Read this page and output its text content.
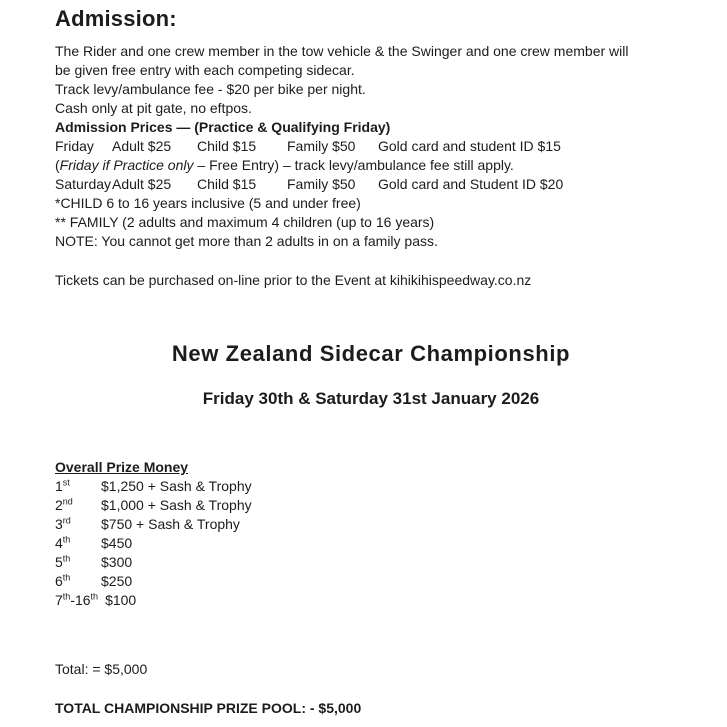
Admission:

The Rider and one crew member in the tow vehicle & the Swinger and one crew member will

be given free entry with each competing sidecar.

Track levy/ambulance fee - $20 per bike per night.

Cash only at pit gate, no eftpos.

Admission Prices — (Practice & Qualifying Friday)

Friday	Adult $25	Child $15	Family $50	Gold card and student ID $15

(Friday if Practice only – Free Entry) – track levy/ambulance fee still apply.

Saturday Adult $25	Child $15	Family $50	Gold card and Student ID $20

*CHILD 6 to 16 years inclusive (5 and under free)

** FAMILY (2 adults and maximum 4 children (up to 16 years)

NOTE: You cannot get more than 2 adults in on a family pass.

Tickets can be purchased on-line prior to the Event at kihikihispeedway.co.nz

New Zealand Sidecar Championship
Friday 30th & Saturday 31st January 2026

Overall Prize Money

1st $1,250 + Sash & Trophy
2nd $1,000 + Sash & Trophy
3rd $750 + Sash & Trophy
4th $450
5th $300
6th $250
7th-16th $100

Total: = $5,000

TOTAL CHAMPIONSHIP PRIZE POOL: - $5,000
